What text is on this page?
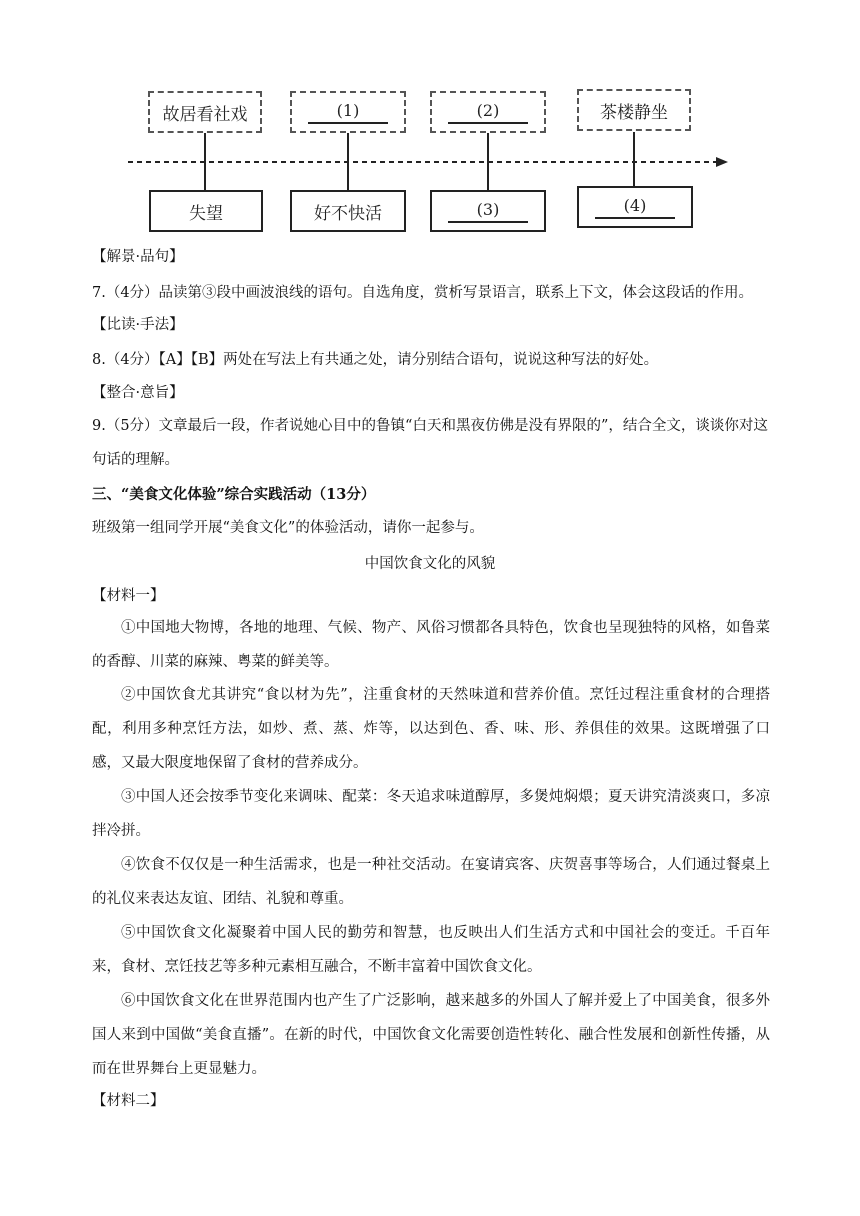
故居看社戏	(1)	(2)	茶楼静坐
失望	好不快活	(3)	(4)
【解景·品句】
7.（4分）品读第③段中画波浪线的语句。自选角度，赏析写景语言，联系上下文，体会这段话的作用。
【比读·手法】
8.（4分）【A】【B】两处在写法上有共通之处，请分别结合语句，说说这种写法的好处。
【整合·意旨】
9.（5分）文章最后一段，作者说她心目中的鲁镇“白天和黑夜仿佛是没有界限的”，结合全文，谈谈你对这句话的理解。
三、“美食文化体验”综合实践活动（13分）
班级第一组同学开展“美食文化”的体验活动，请你一起参与。
中国饮食文化的风貌
【材料一】
①中国地大物博，各地的地理、气候、物产、风俗习惯都各具特色，饮食也呈现独特的风格，如鲁菜的香醇、川菜的麻辣、粤菜的鲜美等。
②中国饮食尤其讲究“食以材为先”，注重食材的天然味道和营养价值。烹饪过程注重食材的合理搭配，利用多种烹饪方法，如炒、煮、蒸、炸等，以达到色、香、味、形、养俱佳的效果。这既增强了口感，又最大限度地保留了食材的营养成分。
③中国人还会按季节变化来调味、配菜：冬天追求味道醇厚，多煲炖焖煨；夏天讲究清淡爽口，多凉拌冷拼。
④饮食不仅仅是一种生活需求，也是一种社交活动。在宴请宾客、庆贺喜事等场合，人们通过餐桌上的礼仪来表达友谊、团结、礼貌和尊重。
⑤中国饮食文化凝聚着中国人民的勤劳和智慧，也反映出人们生活方式和中国社会的变迁。千百年来，食材、烹饪技艺等多种元素相互融合，不断丰富着中国饮食文化。
⑥中国饮食文化在世界范围内也产生了广泛影响，越来越多的外国人了解并爱上了中国美食，很多外国人来到中国做“美食直播”。在新的时代，中国饮食文化需要创造性转化、融合性发展和创新性传播，从而在世界舞台上更显魅力。
【材料二】
